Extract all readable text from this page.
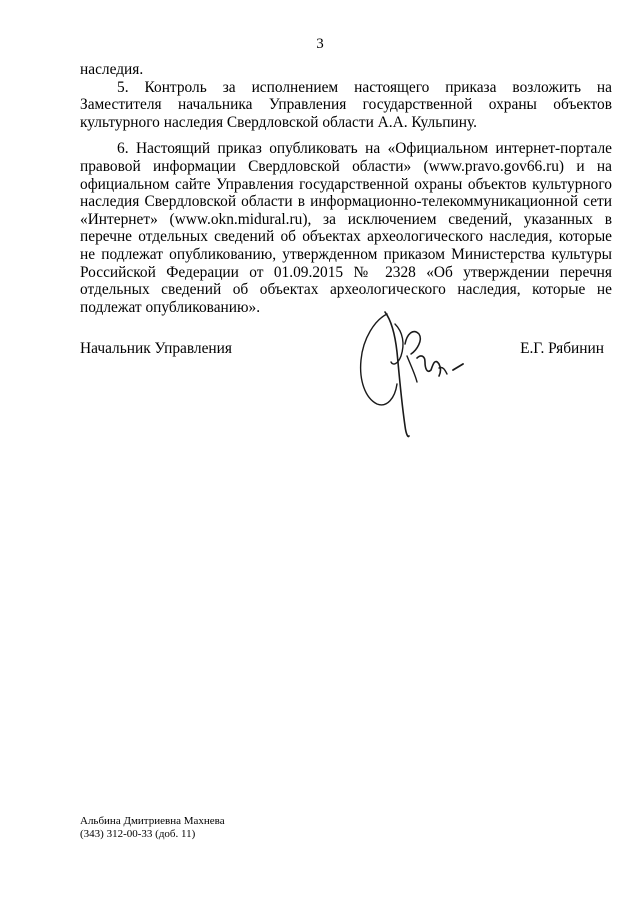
3

наследия.

5. Контроль за исполнением настоящего приказа возложить на Заместителя начальника Управления государственной охраны объектов культурного наследия Свердловской области А.А. Кульпину.

6. Настоящий приказ опубликовать на «Официальном интернет-портале правовой информации Свердловской области» (www.pravo.gov66.ru) и на официальном сайте Управления государственной охраны объектов культурного наследия Свердловской области в информационно-телекоммуникационной сети «Интернет» (www.okn.midural.ru), за исключением сведений, указанных в перечне отдельных сведений об объектах археологического наследия, которые не подлежат опубликованию, утвержденном приказом Министерства культуры Российской Федерации от 01.09.2015 № 2328 «Об утверждении перечня отдельных сведений об объектах археологического наследия, которые не подлежат опубликованию».

Начальник Управления	Е.Г. Рябинин
Альбина Дмитриевна Махнева
(343) 312-00-33 (доб. 11)
